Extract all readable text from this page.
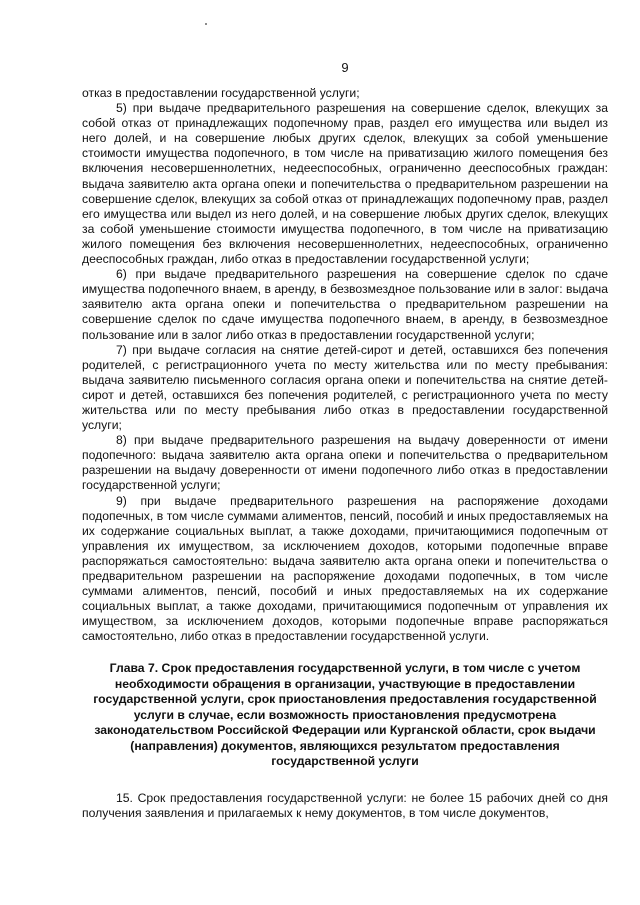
9

отказ в предоставлении государственной услуги;

5) при выдаче предварительного разрешения на совершение сделок, влекущих за собой отказ от принадлежащих подопечному прав, раздел его имущества или выдел из него долей, и на совершение любых других сделок, влекущих за собой уменьшение стоимости имущества подопечного, в том числе на приватизацию жилого помещения без включения несовершеннолетних, недееспособных, ограниченно дееспособных граждан: выдача заявителю акта органа опеки и попечительства о предварительном разрешении на совершение сделок, влекущих за собой отказ от принадлежащих подопечному прав, раздел его имущества или выдел из него долей, и на совершение любых других сделок, влекущих за собой уменьшение стоимости имущества подопечного, в том числе на приватизацию жилого помещения без включения несовершеннолетних, недееспособных, ограниченно дееспособных граждан, либо отказ в предоставлении государственной услуги;

6) при выдаче предварительного разрешения на совершение сделок по сдаче имущества подопечного внаем, в аренду, в безвозмездное пользование или в залог: выдача заявителю акта органа опеки и попечительства о предварительном разрешении на совершение сделок по сдаче имущества подопечного внаем, в аренду, в безвозмездное пользование или в залог либо отказ в предоставлении государственной услуги;

7) при выдаче согласия на снятие детей-сирот и детей, оставшихся без попечения родителей, с регистрационного учета по месту жительства или по месту пребывания: выдача заявителю письменного согласия органа опеки и попечительства на снятие детей-сирот и детей, оставшихся без попечения родителей, с регистрационного учета по месту жительства или по месту пребывания либо отказ в предоставлении государственной услуги;

8) при выдаче предварительного разрешения на выдачу доверенности от имени подопечного: выдача заявителю акта органа опеки и попечительства о предварительном разрешении на выдачу доверенности от имени подопечного либо отказ в предоставлении государственной услуги;

9) при выдаче предварительного разрешения на распоряжение доходами подопечных, в том числе суммами алиментов, пенсий, пособий и иных предоставляемых на их содержание социальных выплат, а также доходами, причитающимися подопечным от управления их имуществом, за исключением доходов, которыми подопечные вправе распоряжаться самостоятельно: выдача заявителю акта органа опеки и попечительства о предварительном разрешении на распоряжение доходами подопечных, в том числе суммами алиментов, пенсий, пособий и иных предоставляемых на их содержание социальных выплат, а также доходами, причитающимися подопечным от управления их имуществом, за исключением доходов, которыми подопечные вправе распоряжаться самостоятельно, либо отказ в предоставлении государственной услуги.

Глава 7. Срок предоставления государственной услуги, в том числе с учетом необходимости обращения в организации, участвующие в предоставлении государственной услуги, срок приостановления предоставления государственной услуги в случае, если возможность приостановления предусмотрена законодательством Российской Федерации или Курганской области, срок выдачи (направления) документов, являющихся результатом предоставления государственной услуги

15. Срок предоставления государственной услуги: не более 15 рабочих дней со дня получения заявления и прилагаемых к нему документов, в том числе документов,
